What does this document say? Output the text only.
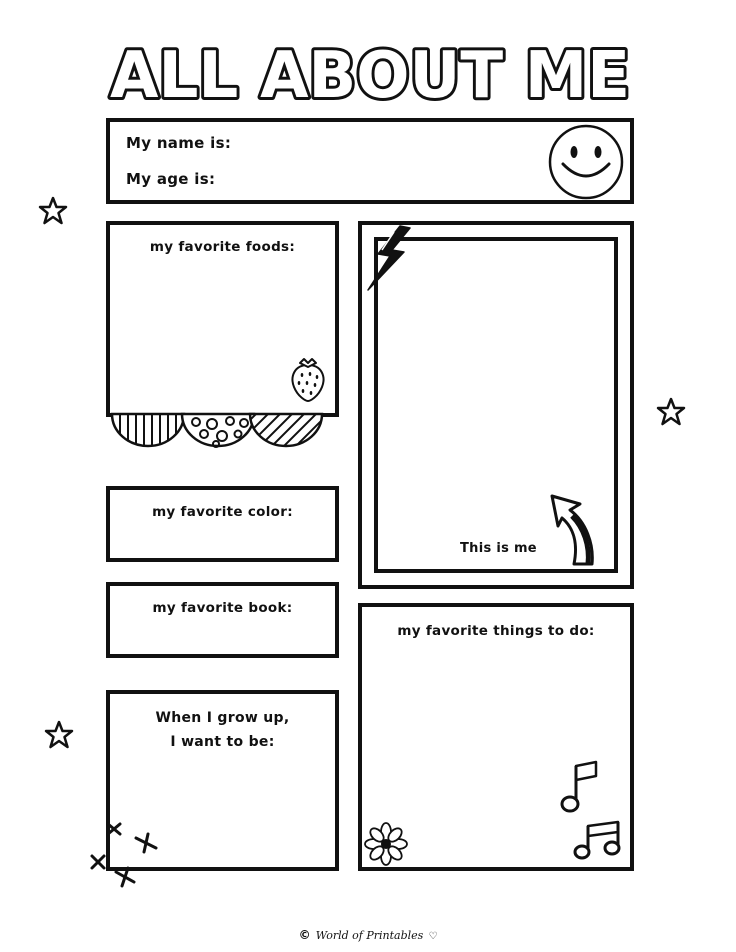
ALL ABOUT ME
My name is:
My age is:
my favorite foods:
This is me
my favorite color:
my favorite book:
my favorite things to do:
When I grow up,
I want to be:
© World of Printables ♡
